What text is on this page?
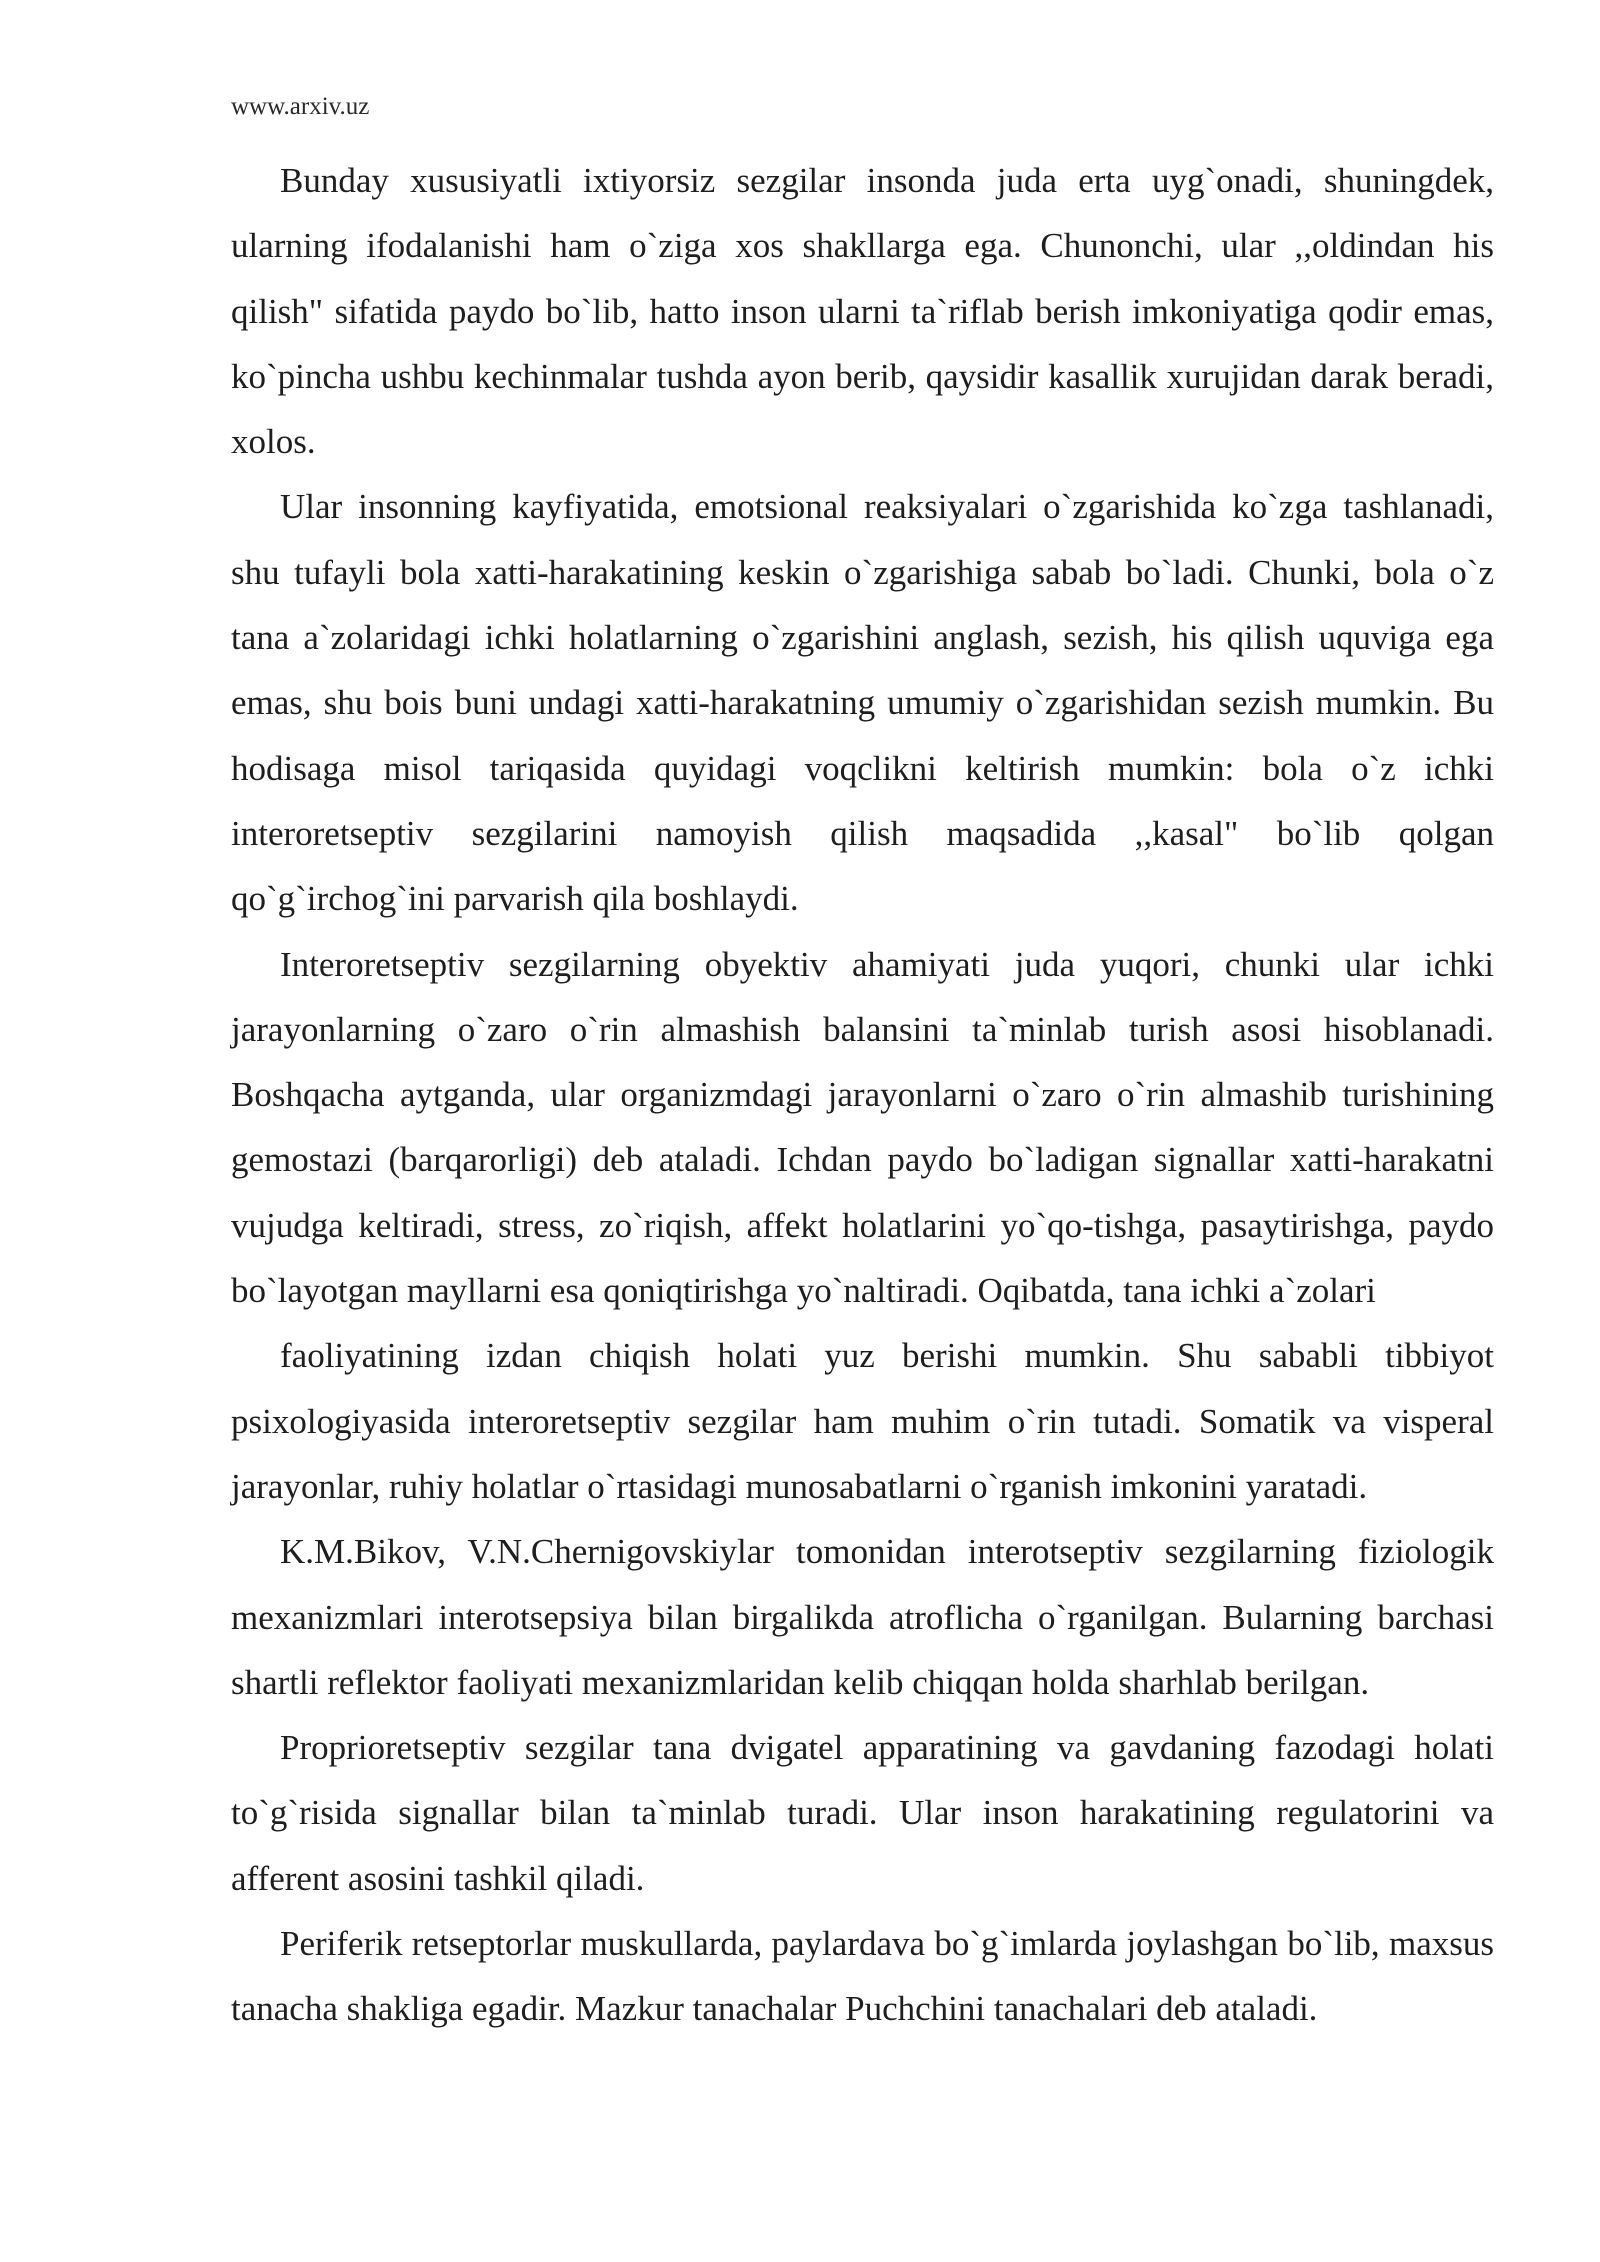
www.arxiv.uz

Bunday xususiyatli ixtiyorsiz sezgilar insonda juda erta uyg`onadi, shuningdek, ularning ifodalanishi ham o`ziga xos shakllarga ega. Chunonchi, ular ,,oldindan his qilish" sifatida paydo bo`lib, hatto inson ularni ta`riflab berish imkoniyatiga qodir emas, ko`pincha ushbu kechinmalar tushda ayon berib, qaysidir kasallik xurujidan darak beradi, xolos.

Ular insonning kayfiyatida, emotsional reaksiyalari o`zgarishida ko`zga tashlanadi, shu tufayli bola xatti-harakatining keskin o`zgarishiga sabab bo`ladi. Chunki, bola o`z tana a`zolaridagi ichki holatlarning o`zgarishini anglash, sezish, his qilish uquviga ega emas, shu bois buni undagi xatti-harakatning umumiy o`zgarishidan sezish mumkin. Bu hodisaga misol tariqasida quyidagi voqclikni keltirish mumkin: bola o`z ichki interoretseptiv sezgilarini namoyish qilish maqsadida ,,kasal" bo`lib qolgan qo`g`irchog`ini parvarish qila boshlaydi.

Interoretseptiv sezgilarning obyektiv ahamiyati juda yuqori, chunki ular ichki jarayonlarning o`zaro o`rin almashish balansini ta`minlab turish asosi hisoblanadi. Boshqacha aytganda, ular organizmdagi jarayonlarni o`zaro o`rin almashib turishining gemostazi (barqarorligi) deb ataladi. Ichdan paydo bo`ladigan signallar xatti-harakatni vujudga keltiradi, stress, zo`riqish, affekt holatlarini yo`qo-tishga, pasaytirishga, paydo bo`layotgan mayllarni esa qoniqtirishga yo`naltiradi. Oqibatda, tana ichki a`zolari

faoliyatining izdan chiqish holati yuz berishi mumkin. Shu sababli tibbiyot psixologiyasida interoretseptiv sezgilar ham muhim o`rin tutadi. Somatik va visperal jarayonlar, ruhiy holatlar o`rtasidagi munosabatlarni o`rganish imkonini yaratadi.

K.M.Bikov, V.N.Chernigovskiylar tomonidan interotseptiv sezgilarning fiziologik mexanizmlari interotsepsiya bilan birgalikda atroflicha o`rganilgan. Bularning barchasi shartli reflektor faoliyati mexanizmlaridan kelib chiqqan holda sharhlab berilgan.

Proprioretseptiv sezgilar tana dvigatel apparatining va gavdaning fazodagi holati to`g`risida signallar bilan ta`minlab turadi. Ular inson harakatining regulatorini va afferent asosini tashkil qiladi.

Periferik retseptorlar muskullarda, paylardava bo`g`imlarda joylashgan bo`lib, maxsus tanacha shakliga egadir. Mazkur tanachalar Puchchini tanachalari deb ataladi.
